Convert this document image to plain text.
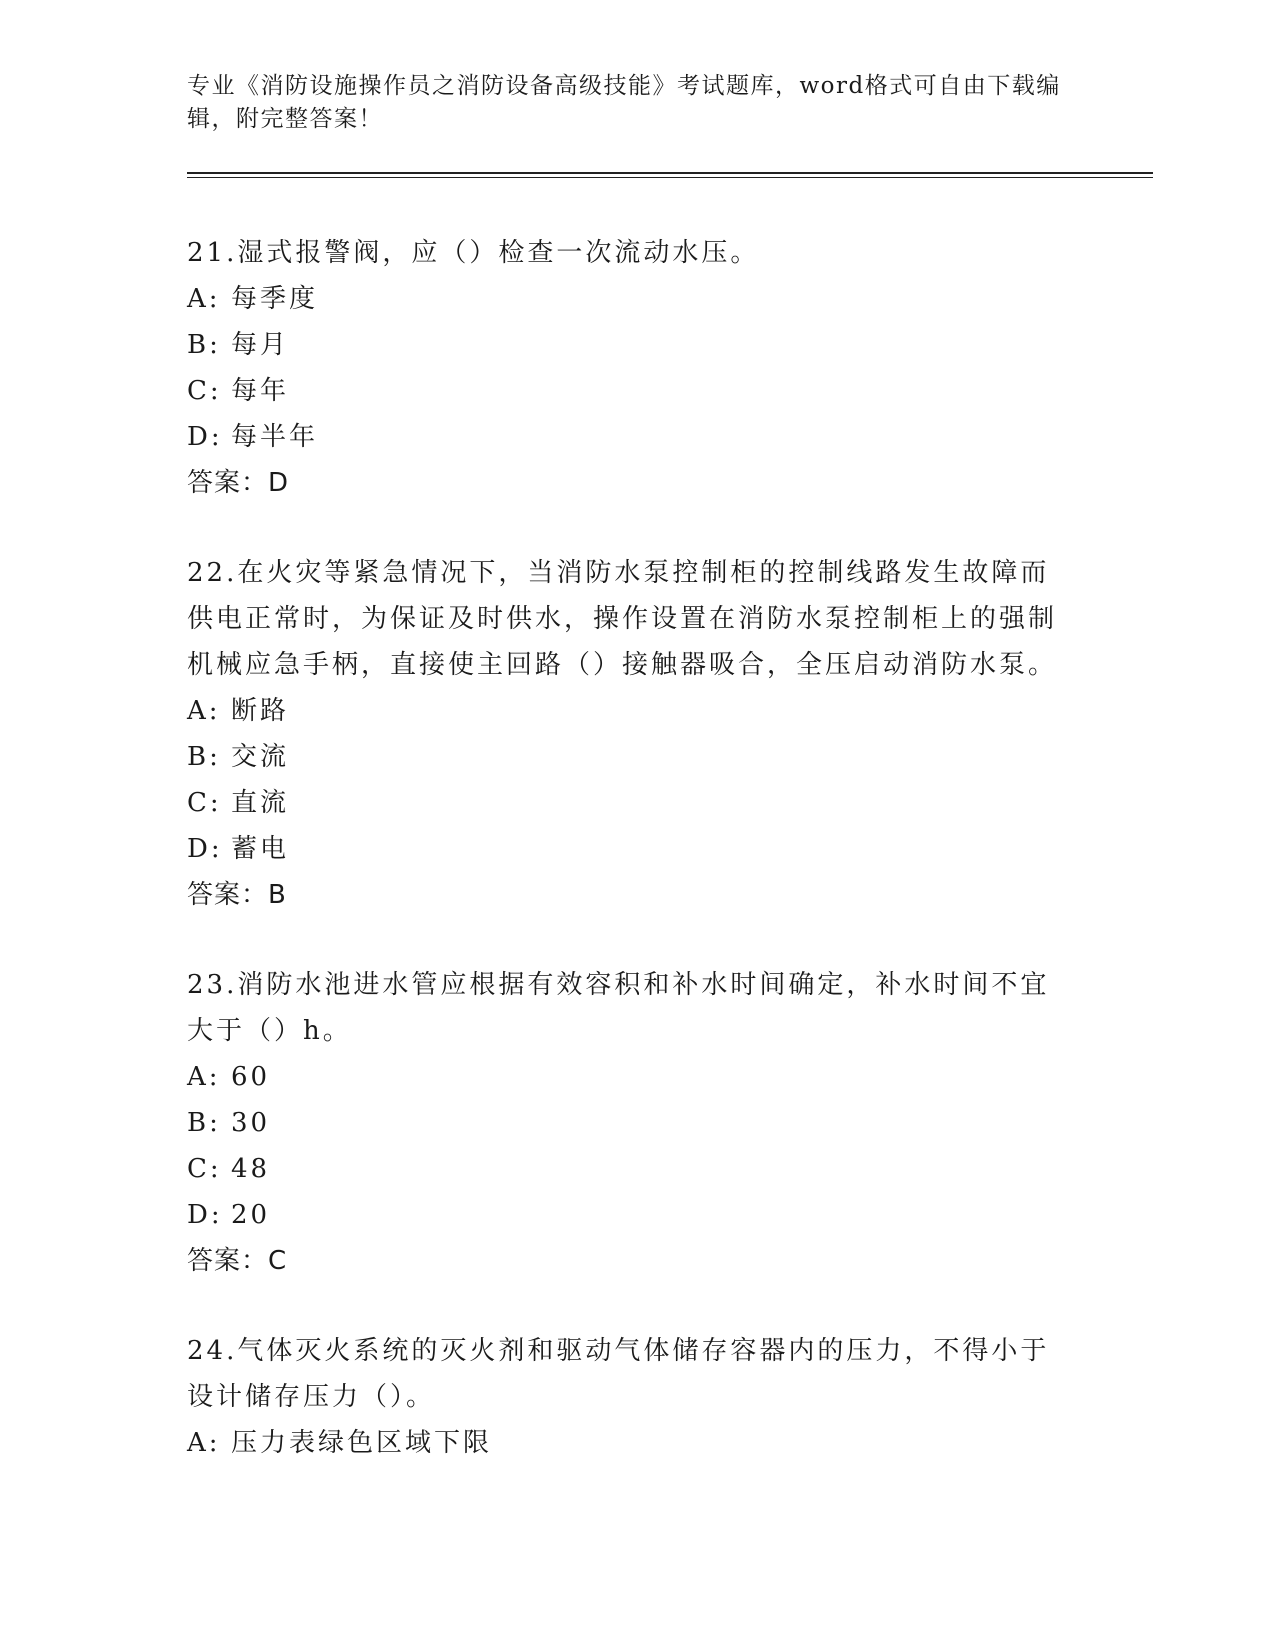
专业《消防设施操作员之消防设备高级技能》考试题库，word格式可自由下载编辑，附完整答案！

21.湿式报警阀，应（）检查一次流动水压。

A: 每季度

B: 每月

C: 每年

D: 每半年

答案：D

22.在火灾等紧急情况下，当消防水泵控制柜的控制线路发生故障而供电正常时，为保证及时供水，操作设置在消防水泵控制柜上的强制机械应急手柄，直接使主回路（）接触器吸合，全压启动消防水泵。

A: 断路

B: 交流

C: 直流

D: 蓄电

答案：B

23.消防水池进水管应根据有效容积和补水时间确定，补水时间不宜大于（）h。

A: 60

B: 30

C: 48

D: 20

答案：C

24.气体灭火系统的灭火剂和驱动气体储存容器内的压力，不得小于设计储存压力（）。

A: 压力表绿色区域下限
